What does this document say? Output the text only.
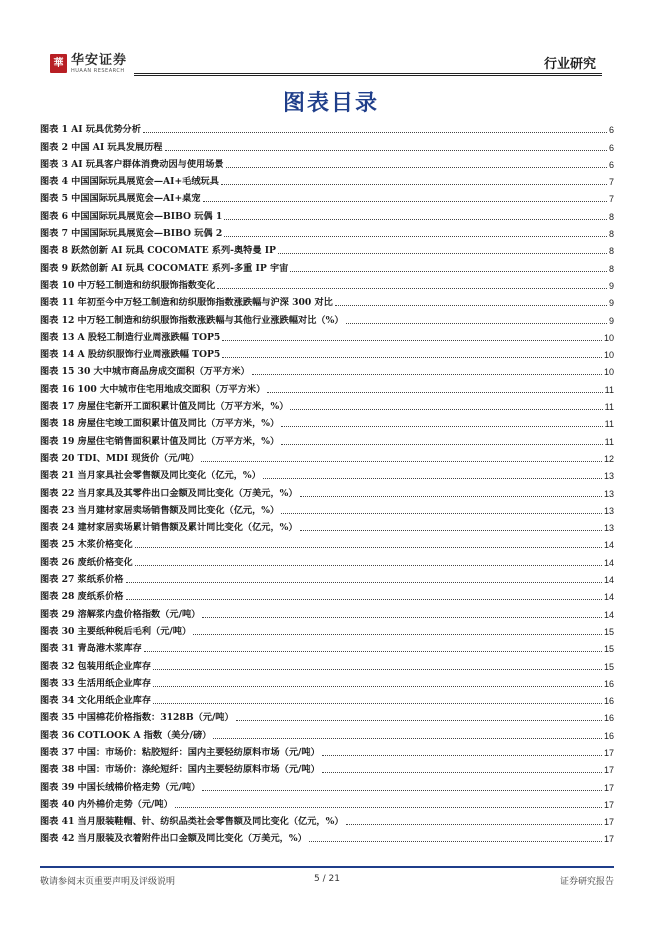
華 华安证券
HUAAN RESEARCH	行业研究
图表目录
图表 1 AI 玩具优势分析	6
图表 2 中国 AI 玩具发展历程	6
图表 3 AI 玩具客户群体消费动因与使用场景	6
图表 4 中国国际玩具展览会—AI+毛绒玩具	7
图表 5 中国国际玩具展览会—AI+桌宠	7
图表 6 中国国际玩具展览会—BIBO 玩偶 1	8
图表 7 中国国际玩具展览会—BIBO 玩偶 2	8
图表 8 跃然创新 AI 玩具 COCOMATE 系列-奥特曼 IP	8
图表 9 跃然创新 AI 玩具 COCOMATE 系列-多重 IP 宇宙	8
图表 10 中万轻工制造和纺织服饰指数变化	9
图表 11 年初至今中万轻工制造和纺织服饰指数涨跌幅与沪深 300 对比	9
图表 12 中万轻工制造和纺织服饰指数涨跌幅与其他行业涨跌幅对比（%）	9
图表 13 A 股轻工制造行业周涨跌幅 TOP5	10
图表 14 A 股纺织服饰行业周涨跌幅 TOP5	10
图表 15 30 大中城市商品房成交面积（万平方米）	10
图表 16 100 大中城市住宅用地成交面积（万平方米）	11
图表 17 房屋住宅新开工面积累计值及同比（万平方米，%）	11
图表 18 房屋住宅竣工面积累计值及同比（万平方米，%）	11
图表 19 房屋住宅销售面积累计值及同比（万平方米，%）	11
图表 20 TDI、MDI 现货价（元/吨）	12
图表 21 当月家具社会零售额及同比变化（亿元，%）	13
图表 22 当月家具及其零件出口金额及同比变化（万美元，%）	13
图表 23 当月建材家居卖场销售额及同比变化（亿元，%）	13
图表 24 建材家居卖场累计销售额及累计同比变化（亿元，%）	13
图表 25 木浆价格变化	14
图表 26 废纸价格变化	14
图表 27 浆纸系价格	14
图表 28 废纸系价格	14
图表 29 溶解浆内盘价格指数（元/吨）	14
图表 30 主要纸种税后毛利（元/吨）	15
图表 31 青岛港木浆库存	15
图表 32 包装用纸企业库存	15
图表 33 生活用纸企业库存	16
图表 34 文化用纸企业库存	16
图表 35 中国棉花价格指数：3128B（元/吨）	16
图表 36 COTLOOK A 指数（美分/磅）	16
图表 37 中国：市场价：粘胶短纤：国内主要轻纺原料市场（元/吨）	17
图表 38 中国：市场价：涤纶短纤：国内主要轻纺原料市场（元/吨）	17
图表 39 中国长绒棉价格走势（元/吨）	17
图表 40 内外棉价走势（元/吨）	17
图表 41 当月服装鞋帽、针、纺织品类社会零售额及同比变化（亿元，%）	17
图表 42 当月服装及衣着附件出口金额及同比变化（万美元，%）	17
敬请参阅末页重要声明及评级说明	5 / 21	证券研究报告
